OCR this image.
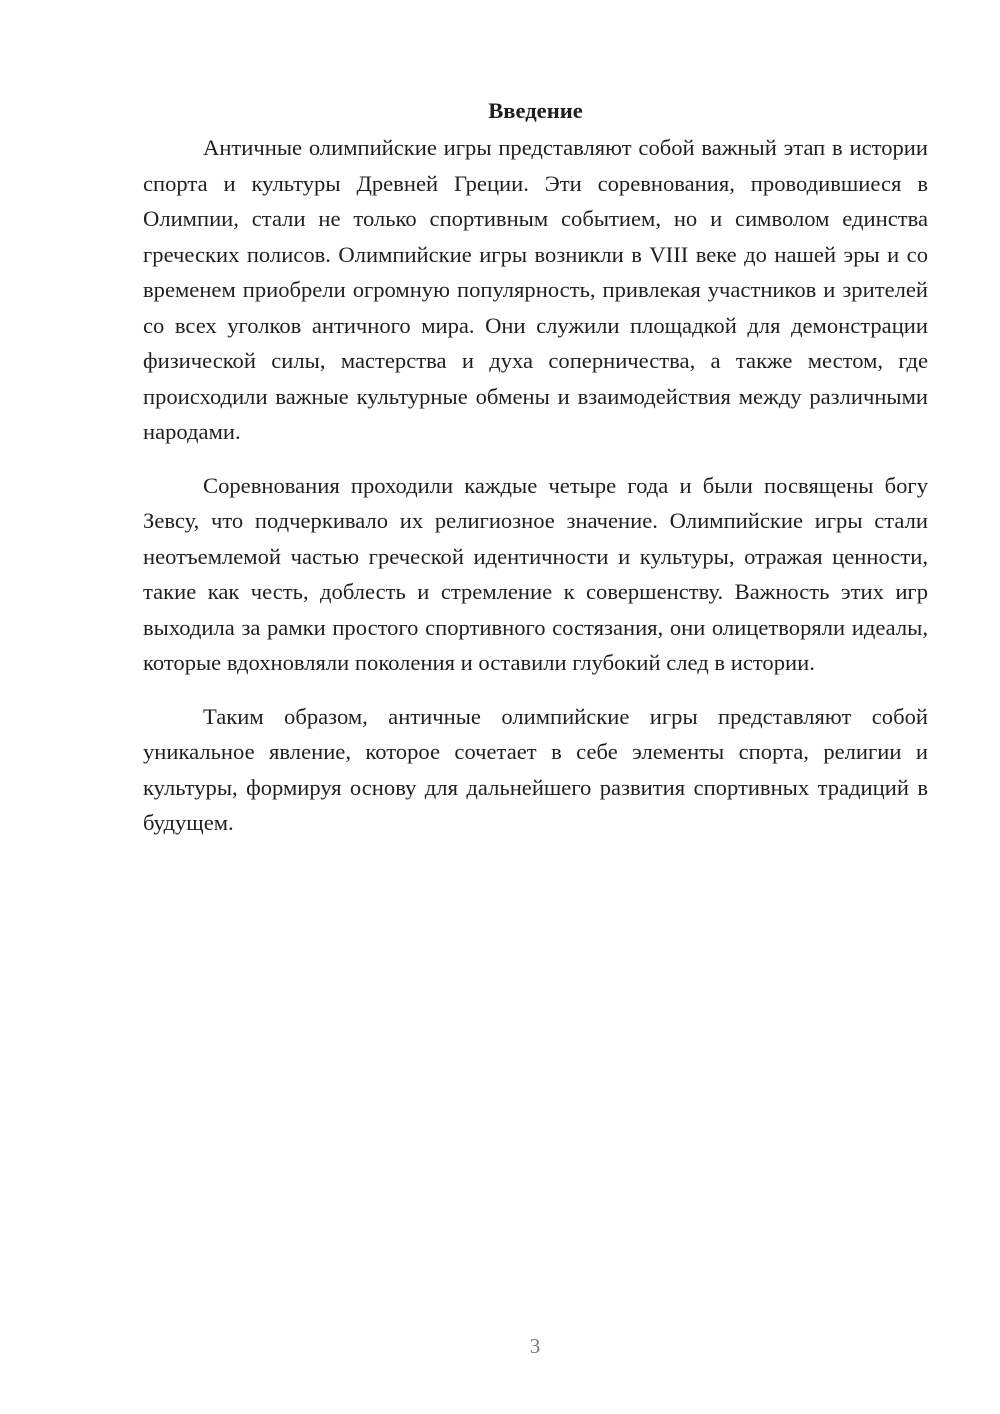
Введение

Античные олимпийские игры представляют собой важный этап в истории спорта и культуры Древней Греции. Эти соревнования, проводившиеся в Олимпии, стали не только спортивным событием, но и символом единства греческих полисов. Олимпийские игры возникли в VIII веке до нашей эры и со временем приобрели огромную популярность, привлекая участников и зрителей со всех уголков античного мира. Они служили площадкой для демонстрации физической силы, мастерства и духа соперничества, а также местом, где происходили важные культурные обмены и взаимодействия между различными народами.

Соревнования проходили каждые четыре года и были посвящены богу Зевсу, что подчеркивало их религиозное значение. Олимпийские игры стали неотъемлемой частью греческой идентичности и культуры, отражая ценности, такие как честь, доблесть и стремление к совершенству. Важность этих игр выходила за рамки простого спортивного состязания, они олицетворяли идеалы, которые вдохновляли поколения и оставили глубокий след в истории.

Таким образом, античные олимпийские игры представляют собой уникальное явление, которое сочетает в себе элементы спорта, религии и культуры, формируя основу для дальнейшего развития спортивных традиций в будущем.

3
